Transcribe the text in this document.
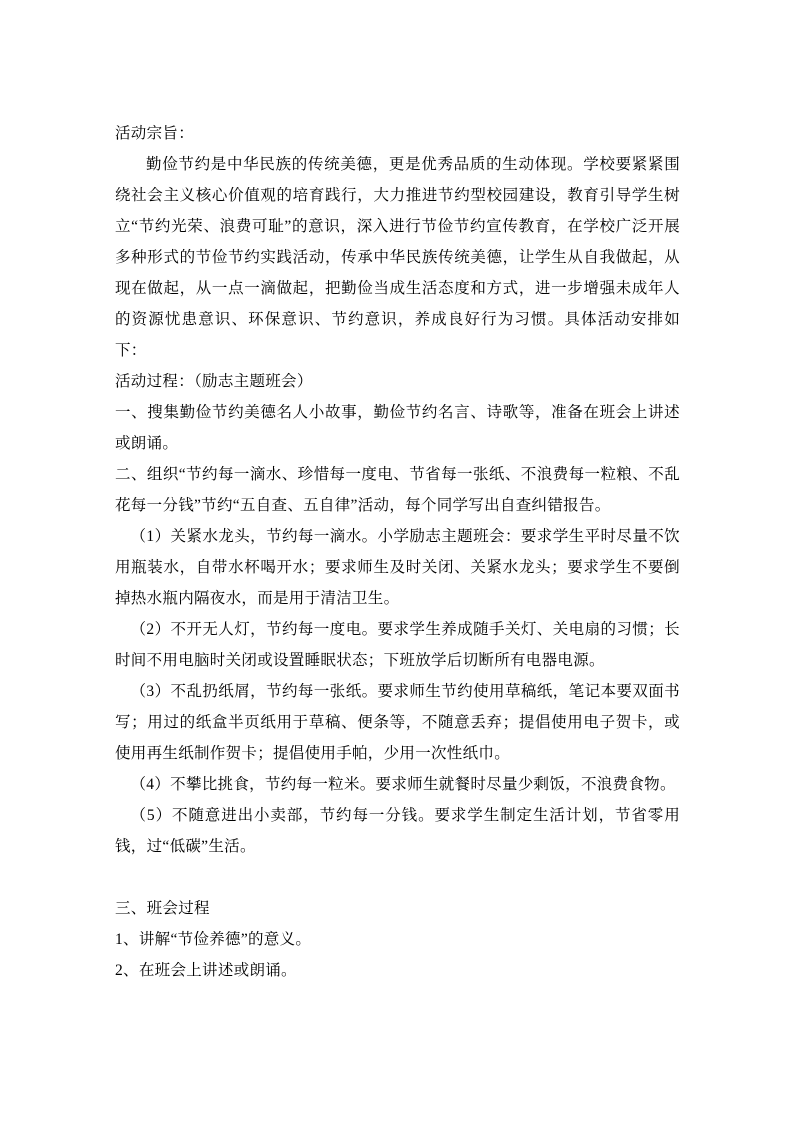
活动宗旨：

勤俭节约是中华民族的传统美德，更是优秀品质的生动体现。学校要紧紧围绕社会主义核心价值观的培育践行，大力推进节约型校园建设，教育引导学生树立“节约光荣、浪费可耻”的意识，深入进行节俭节约宣传教育，在学校广泛开展多种形式的节俭节约实践活动，传承中华民族传统美德，让学生从自我做起，从现在做起，从一点一滴做起，把勤俭当成生活态度和方式，进一步增强未成年人的资源忧患意识、环保意识、节约意识，养成良好行为习惯。具体活动安排如下：

活动过程：（励志主题班会）

一、搜集勤俭节约美德名人小故事，勤俭节约名言、诗歌等，准备在班会上讲述或朗诵。

二、组织“节约每一滴水、珍惜每一度电、节省每一张纸、不浪费每一粒粮、不乱花每一分钱”节约“五自查、五自律”活动，每个同学写出自查纠错报告。

（1）关紧水龙头，节约每一滴水。小学励志主题班会：要求学生平时尽量不饮用瓶装水，自带水杯喝开水；要求师生及时关闭、关紧水龙头；要求学生不要倒掉热水瓶内隔夜水，而是用于清洁卫生。

（2）不开无人灯，节约每一度电。要求学生养成随手关灯、关电扇的习惯；长时间不用电脑时关闭或设置睡眠状态；下班放学后切断所有电器电源。

（3）不乱扔纸屑，节约每一张纸。要求师生节约使用草稿纸，笔记本要双面书写；用过的纸盒半页纸用于草稿、便条等，不随意丢弃；提倡使用电子贺卡，或使用再生纸制作贺卡；提倡使用手帕，少用一次性纸巾。

（4）不攀比挑食，节约每一粒米。要求师生就餐时尽量少剩饭，不浪费食物。

（5）不随意进出小卖部，节约每一分钱。要求学生制定生活计划，节省零用钱，过“低碳”生活。

三、班会过程

1、讲解“节俭养德”的意义。

2、在班会上讲述或朗诵。
